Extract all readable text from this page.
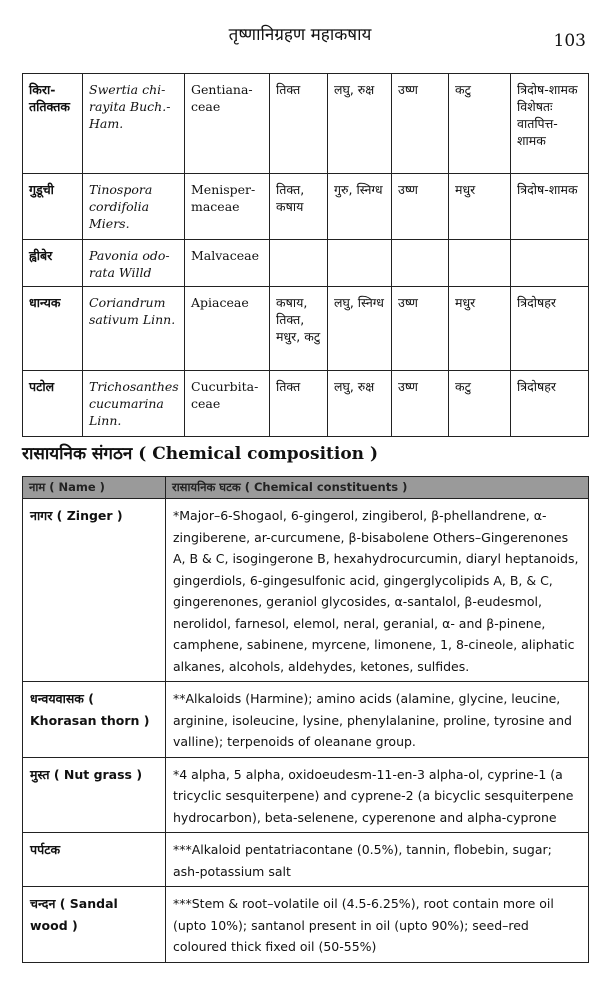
तृष्णानिग्रहण महाकषाय	103
किरा-ततिक्तक	Swertia chi-rayita Buch.-Ham.	Gentiana-ceae	तिक्त	लघु, रुक्ष	उष्ण	कटु	त्रिदोष-शामक विशेषतः वातपित्त-शामक
गुडूची	Tinospora cordifolia Miers.	Menisper-maceae	तिक्त, कषाय	गुरु, स्निग्ध	उष्ण	मधुर	त्रिदोष-शामक
ह्वीबेर	Pavonia odo-rata Willd	Malvaceae					
धान्यक	Coriandrum sativum Linn.	Apiaceae	कषाय, तिक्त, मधुर, कटु	लघु, स्निग्ध	उष्ण	मधुर	त्रिदोषहर
पटोल	Trichosanthes cucumarina Linn.	Cucurbita-ceae	तिक्त	लघु, रुक्ष	उष्ण	कटु	त्रिदोषहर
रासायनिक संगठन ( Chemical composition )
नाम ( Name )	रासायनिक घटक ( Chemical constituents )
नागर ( Zinger )	*Major–6-Shogaol, 6-gingerol, zingiberol, β-phellandrene, α-zingiberene, ar-curcumene, β-bisabolene Others–Gingerenones A, B & C, isogingerone B, hexahydrocurcumin, diaryl heptanoids, gingerdiols, 6-gingesulfonic acid, gingerglycolipids A, B, & C, gingerenones, geraniol glycosides, α-santalol, β-eudesmol, nerolidol, farnesol, elemol, neral, geranial, α- and β-pinene, camphene, sabinene, myrcene, limonene, 1, 8-cineole, aliphatic alkanes, alcohols, aldehydes, ketones, sulfides.
धन्वयवासक ( Khorasan thorn )	**Alkaloids (Harmine); amino acids (alamine, glycine, leucine, arginine, isoleucine, lysine, phenylalanine, proline, tyrosine and valline); terpenoids of oleanane group.
मुस्त ( Nut grass )	*4 alpha, 5 alpha, oxidoeudesm-11-en-3 alpha-ol, cyprine-1 (a tricyclic sesquiterpene) and cyprene-2 (a bicyclic sesquiterpene hydrocarbon), beta-selenene, cyperenone and alpha-cyprone
पर्पटक	***Alkaloid pentatriacontane (0.5%), tannin, flobebin, sugar; ash-potassium salt
चन्दन ( Sandal wood )	***Stem & root–volatile oil (4.5-6.25%), root contain more oil (upto 10%); santanol present in oil (upto 90%); seed–red coloured thick fixed oil (50-55%)
